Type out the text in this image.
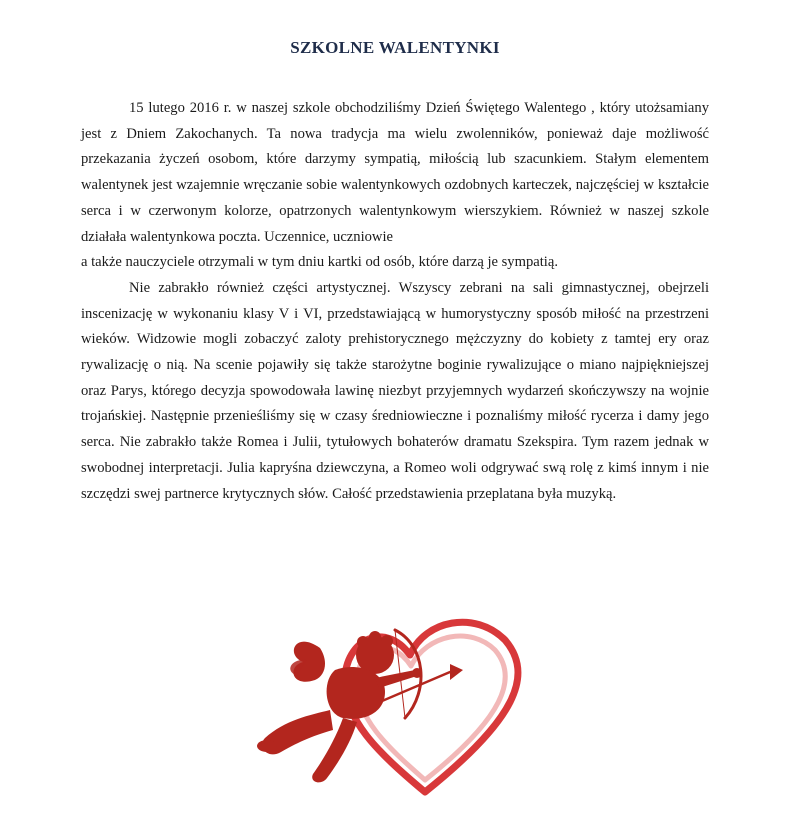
SZKOLNE WALENTYNKI

15 lutego 2016 r. w naszej szkole obchodziliśmy Dzień Świętego Walentego , który utożsamiany jest z Dniem Zakochanych. Ta nowa tradycja ma wielu zwolenników, ponieważ daje możliwość przekazania życzeń osobom, które darzymy sympatią, miłością lub szacunkiem. Stałym elementem walentynek jest wzajemnie wręczanie sobie walentynkowych ozdobnych karteczek, najczęściej w kształcie serca i w czerwonym kolorze, opatrzonych walentynkowym wierszykiem. Również w naszej szkole działała walentynkowa poczta. Uczennice, uczniowie
a także nauczyciele otrzymali w tym dniu kartki od osób, które darzą je sympatią.

Nie zabrakło również części artystycznej. Wszyscy zebrani na sali gimnastycznej, obejrzeli inscenizację w wykonaniu klasy V i VI, przedstawiającą w humorystyczny sposób miłość na przestrzeni wieków. Widzowie mogli zobaczyć zaloty prehistorycznego mężczyzny do kobiety z tamtej ery oraz rywalizację o nią. Na scenie pojawiły się także starożytne boginie rywalizujące o miano najpiękniejszej oraz Parys, którego decyzja spowodowała lawinę niezbyt przyjemnych wydarzeń skończywszy na wojnie trojańskiej. Następnie przenieśliśmy się w czasy średniowieczne i poznaliśmy miłość rycerza i damy jego serca. Nie zabrakło także Romea i Julii, tytułowych bohaterów dramatu Szekspira. Tym razem jednak w swobodnej interpretacji. Julia kapryśna dziewczyna, a Romeo woli odgrywać swą rolę z kimś innym i nie szczędzi swej partnerce krytycznych słów. Całość przedstawienia przeplatana była muzyką.
